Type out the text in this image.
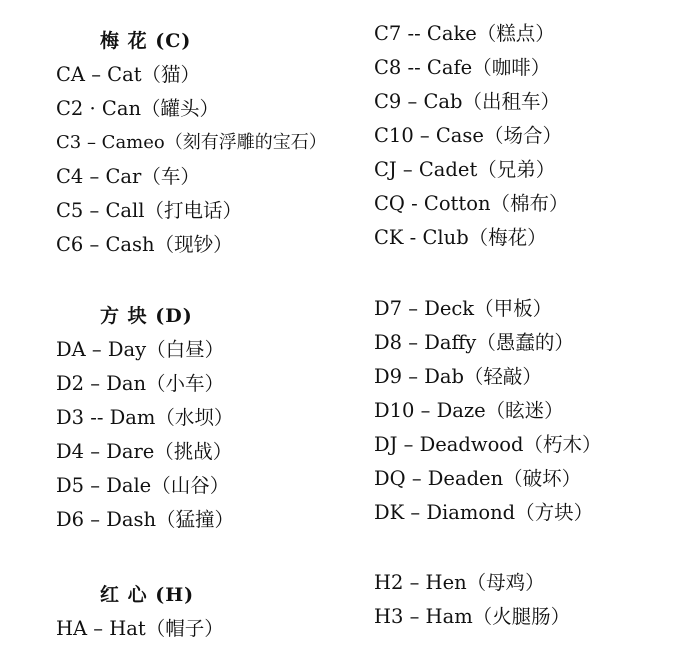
梅 花 (C)
CA – Cat（猫）
C2 · Can（罐头）
C3 – Cameo（刻有浮雕的宝石）
C4 – Car（车）
C5 – Call（打电话）
C6 – Cash（现钞）
方 块 (D)
DA – Day（白昼）
D2 – Dan（小车）
D3 -- Dam（水坝）
D4 – Dare（挑战）
D5 – Dale（山谷）
D6 – Dash（猛撞）
红 心 (H)
HA – Hat（帽子）
C7 -- Cake（糕点）
C8 -- Cafe（咖啡）
C9 – Cab（出租车）
C10 – Case（场合）
CJ – Cadet（兄弟）
CQ - Cotton（棉布）
CK - Club（梅花）
D7 – Deck（甲板）
D8 – Daffy（愚蠢的）
D9 – Dab（轻敲）
D10 – Daze（眩迷）
DJ – Deadwood（朽木）
DQ – Deaden（破坏）
DK – Diamond（方块）
H2 – Hen（母鸡）
H3 – Ham（火腿肠）
